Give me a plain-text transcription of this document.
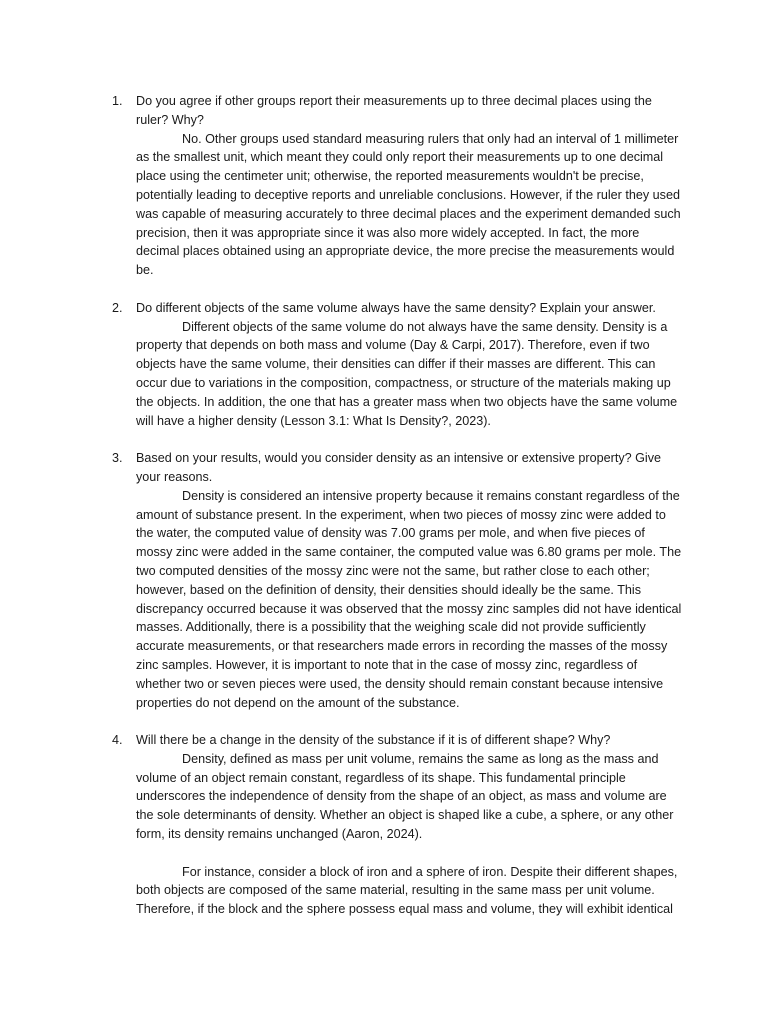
1. Do you agree if other groups report their measurements up to three decimal places using the ruler? Why?

No. Other groups used standard measuring rulers that only had an interval of 1 millimeter as the smallest unit, which meant they could only report their measurements up to one decimal place using the centimeter unit; otherwise, the reported measurements wouldn't be precise, potentially leading to deceptive reports and unreliable conclusions. However, if the ruler they used was capable of measuring accurately to three decimal places and the experiment demanded such precision, then it was appropriate since it was also more widely accepted. In fact, the more decimal places obtained using an appropriate device, the more precise the measurements would be.

2. Do different objects of the same volume always have the same density? Explain your answer.

Different objects of the same volume do not always have the same density. Density is a property that depends on both mass and volume (Day & Carpi, 2017). Therefore, even if two objects have the same volume, their densities can differ if their masses are different. This can occur due to variations in the composition, compactness, or structure of the materials making up the objects. In addition, the one that has a greater mass when two objects have the same volume will have a higher density (Lesson 3.1: What Is Density?, 2023).

3. Based on your results, would you consider density as an intensive or extensive property? Give your reasons.

Density is considered an intensive property because it remains constant regardless of the amount of substance present. In the experiment, when two pieces of mossy zinc were added to the water, the computed value of density was 7.00 grams per mole, and when five pieces of mossy zinc were added in the same container, the computed value was 6.80 grams per mole. The two computed densities of the mossy zinc were not the same, but rather close to each other; however, based on the definition of density, their densities should ideally be the same. This discrepancy occurred because it was observed that the mossy zinc samples did not have identical masses. Additionally, there is a possibility that the weighing scale did not provide sufficiently accurate measurements, or that researchers made errors in recording the masses of the mossy zinc samples. However, it is important to note that in the case of mossy zinc, regardless of whether two or seven pieces were used, the density should remain constant because intensive properties do not depend on the amount of the substance.

4. Will there be a change in the density of the substance if it is of different shape? Why?

Density, defined as mass per unit volume, remains the same as long as the mass and volume of an object remain constant, regardless of its shape. This fundamental principle underscores the independence of density from the shape of an object, as mass and volume are the sole determinants of density. Whether an object is shaped like a cube, a sphere, or any other form, its density remains unchanged (Aaron, 2024).

For instance, consider a block of iron and a sphere of iron. Despite their different shapes, both objects are composed of the same material, resulting in the same mass per unit volume. Therefore, if the block and the sphere possess equal mass and volume, they will exhibit identical
